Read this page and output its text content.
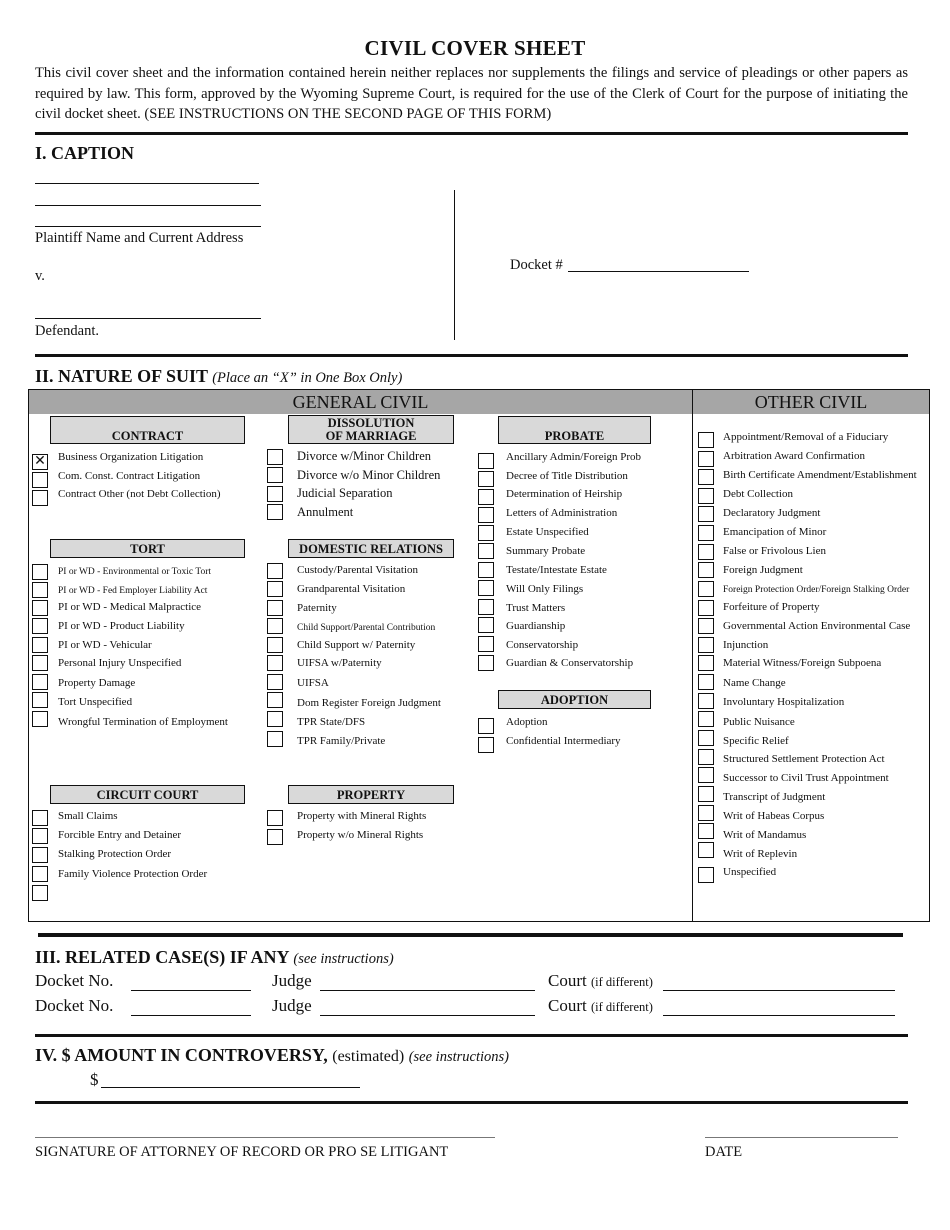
CIVIL COVER SHEET
This civil cover sheet and the information contained herein neither replaces nor supplements the filings and service of pleadings or other papers as required by law. This form, approved by the Wyoming Supreme Court, is required for the use of the Clerk of Court for the purpose of initiating the civil docket sheet. (SEE INSTRUCTIONS ON THE SECOND PAGE OF THIS FORM)
I. CAPTION
Plaintiff Name and Current Address
v.
Defendant.
Docket #
II. NATURE OF SUIT (Place an “X” in One Box Only)
GENERAL CIVIL	OTHER CIVIL
CONTRACT
✕ Business Organization Litigation
Com. Const. Contract Litigation
Contract Other (not Debt Collection)
TORT
PI or WD - Environmental or Toxic Tort
PI or WD - Fed Employer Liability Act
PI or WD - Medical Malpractice
PI or WD - Product Liability
PI or WD - Vehicular
Personal Injury Unspecified
Property Damage
Tort Unspecified
Wrongful Termination of Employment
CIRCUIT COURT
Small Claims
Forcible Entry and Detainer
Stalking Protection Order
Family Violence Protection Order
DISSOLUTION
OF MARRIAGE
Divorce w/Minor Children
Divorce w/o Minor Children
Judicial Separation
Annulment
DOMESTIC RELATIONS
Custody/Parental Visitation
Grandparental Visitation
Paternity
Child Support/Parental Contribution
Child Support w/ Paternity
UIFSA w/Paternity
UIFSA
Dom Register Foreign Judgment
TPR State/DFS
TPR Family/Private
PROPERTY
Property with Mineral Rights
Property w/o Mineral Rights
PROBATE
Ancillary Admin/Foreign Prob
Decree of Title Distribution
Determination of Heirship
Letters of Administration
Estate Unspecified
Summary Probate
Testate/Intestate Estate
Will Only Filings
Trust Matters
Guardianship
Conservatorship
Guardian & Conservatorship
ADOPTION
Adoption
Confidential Intermediary
Appointment/Removal of a Fiduciary
Arbitration Award Confirmation
Birth Certificate Amendment/Establishment
Debt Collection
Declaratory Judgment
Emancipation of Minor
False or Frivolous Lien
Foreign Judgment
Foreign Protection Order/Foreign Stalking Order
Forfeiture of Property
Governmental Action Environmental Case
Injunction
Material Witness/Foreign Subpoena
Name Change
Involuntary Hospitalization
Public Nuisance
Specific Relief
Structured Settlement Protection Act
Successor to Civil Trust Appointment
Transcript of Judgment
Writ of Habeas Corpus
Writ of Mandamus
Writ of Replevin
Unspecified
III. RELATED CASE(S) IF ANY (see instructions)
Docket No.	Judge	Court (if different)
Docket No.	Judge	Court (if different)
IV. $ AMOUNT IN CONTROVERSY, (estimated) (see instructions)
$
SIGNATURE OF ATTORNEY OF RECORD OR PRO SE LITIGANT	DATE
